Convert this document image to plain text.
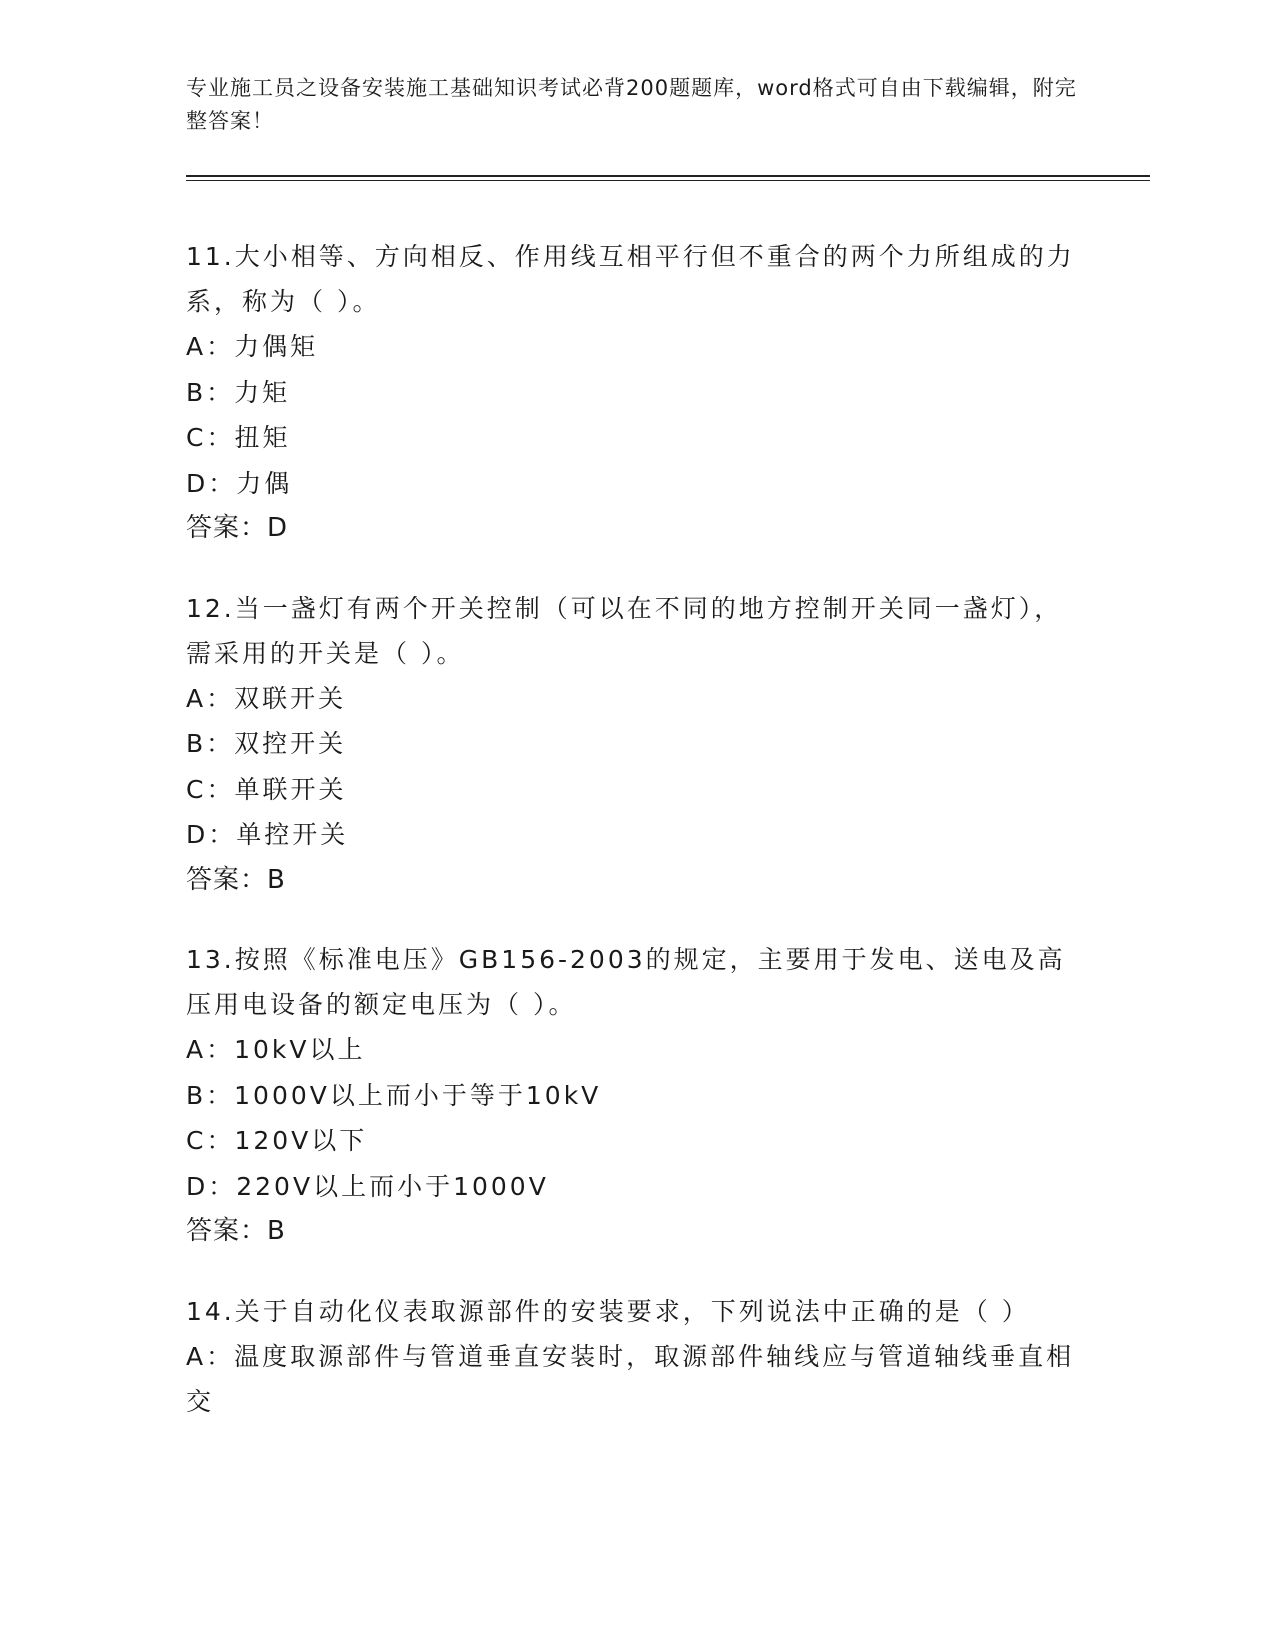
专业施工员之设备安装施工基础知识考试必背200题题库，word格式可自由下载编辑，附完整答案！

11.大小相等、方向相反、作用线互相平行但不重合的两个力所组成的力系，称为（ ）。

A：力偶矩

B：力矩

C：扭矩

D：力偶

答案：D

12.当一盏灯有两个开关控制（可以在不同的地方控制开关同一盏灯），需采用的开关是（ ）。

A：双联开关

B：双控开关

C：单联开关

D：单控开关

答案：B

13.按照《标准电压》GB156-2003的规定，主要用于发电、送电及高压用电设备的额定电压为（ ）。

A：10kV以上

B：1000V以上而小于等于10kV

C：120V以下

D：220V以上而小于1000V

答案：B

14.关于自动化仪表取源部件的安装要求，下列说法中正确的是（ ）

A：温度取源部件与管道垂直安装时，取源部件轴线应与管道轴线垂直相交
